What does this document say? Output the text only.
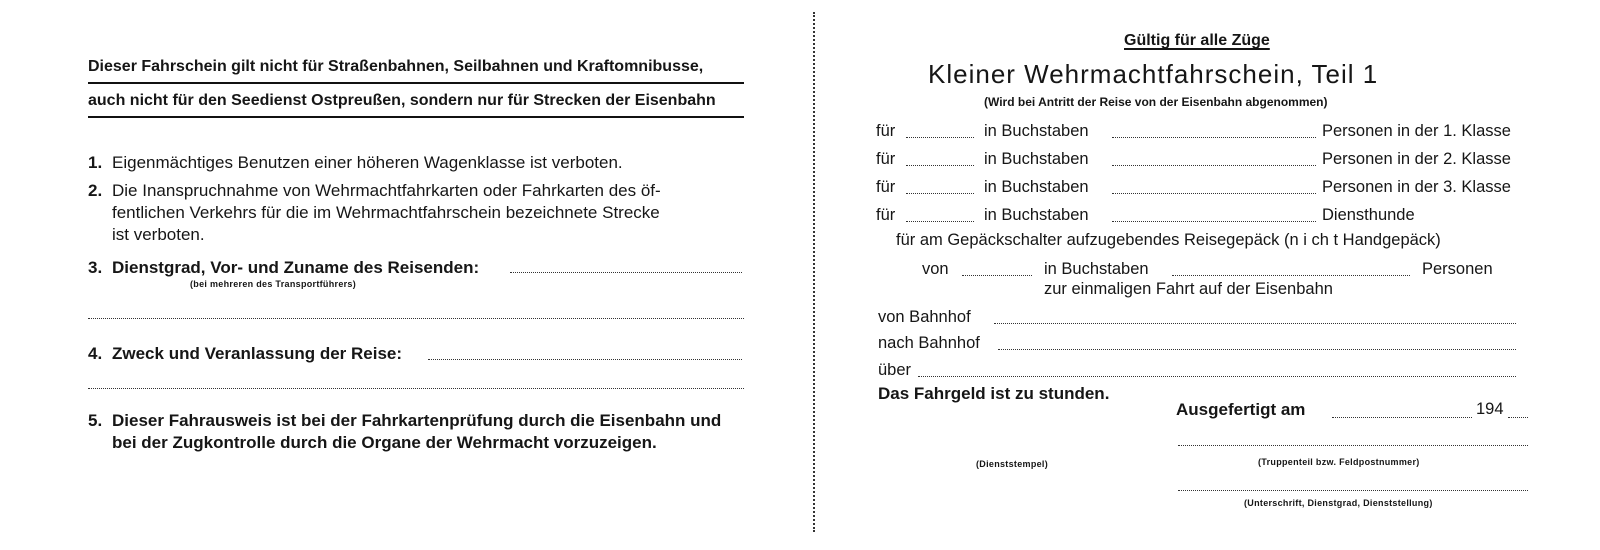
Dieser Fahrschein gilt nicht für Straßenbahnen, Seilbahnen und Kraftomnibusse,
auch nicht für den Seedienst Ostpreußen, sondern nur für Strecken der Eisenbahn
1. Eigenmächtiges Benutzen einer höheren Wagenklasse ist verboten.
2. Die Inanspruchnahme von Wehrmachtfahrkarten oder Fahrkarten des öf-
fentlichen Verkehrs für die im Wehrmachtfahrschein bezeichnete Strecke
ist verboten.
3. Dienstgrad, Vor- und Zuname des Reisenden:
(bei mehreren des Transportführers)
4. Zweck und Veranlassung der Reise:
5. Dieser Fahrausweis ist bei der Fahrkartenprüfung durch die Eisenbahn und
bei der Zugkontrolle durch die Organe der Wehrmacht vorzuzeigen.
Gültig für alle Züge
Kleiner Wehrmachtfahrschein, Teil 1
(Wird bei Antritt der Reise von der Eisenbahn abgenommen)
für	in Buchstaben	Personen in der 1. Klasse
für	in Buchstaben	Personen in der 2. Klasse
für	in Buchstaben	Personen in der 3. Klasse
für	in Buchstaben	Diensthunde
für am Gepäckschalter aufzugebendes Reisegepäck (n i ch t Handgepäck)
von	in Buchstaben	Personen
zur einmaligen Fahrt auf der Eisenbahn
von Bahnhof
nach Bahnhof
über
Das Fahrgeld ist zu stunden.
Ausgefertigt am	194
(Truppenteil bzw. Feldpostnummer)
(Dienststempel)
(Unterschrift, Dienstgrad, Dienststellung)
